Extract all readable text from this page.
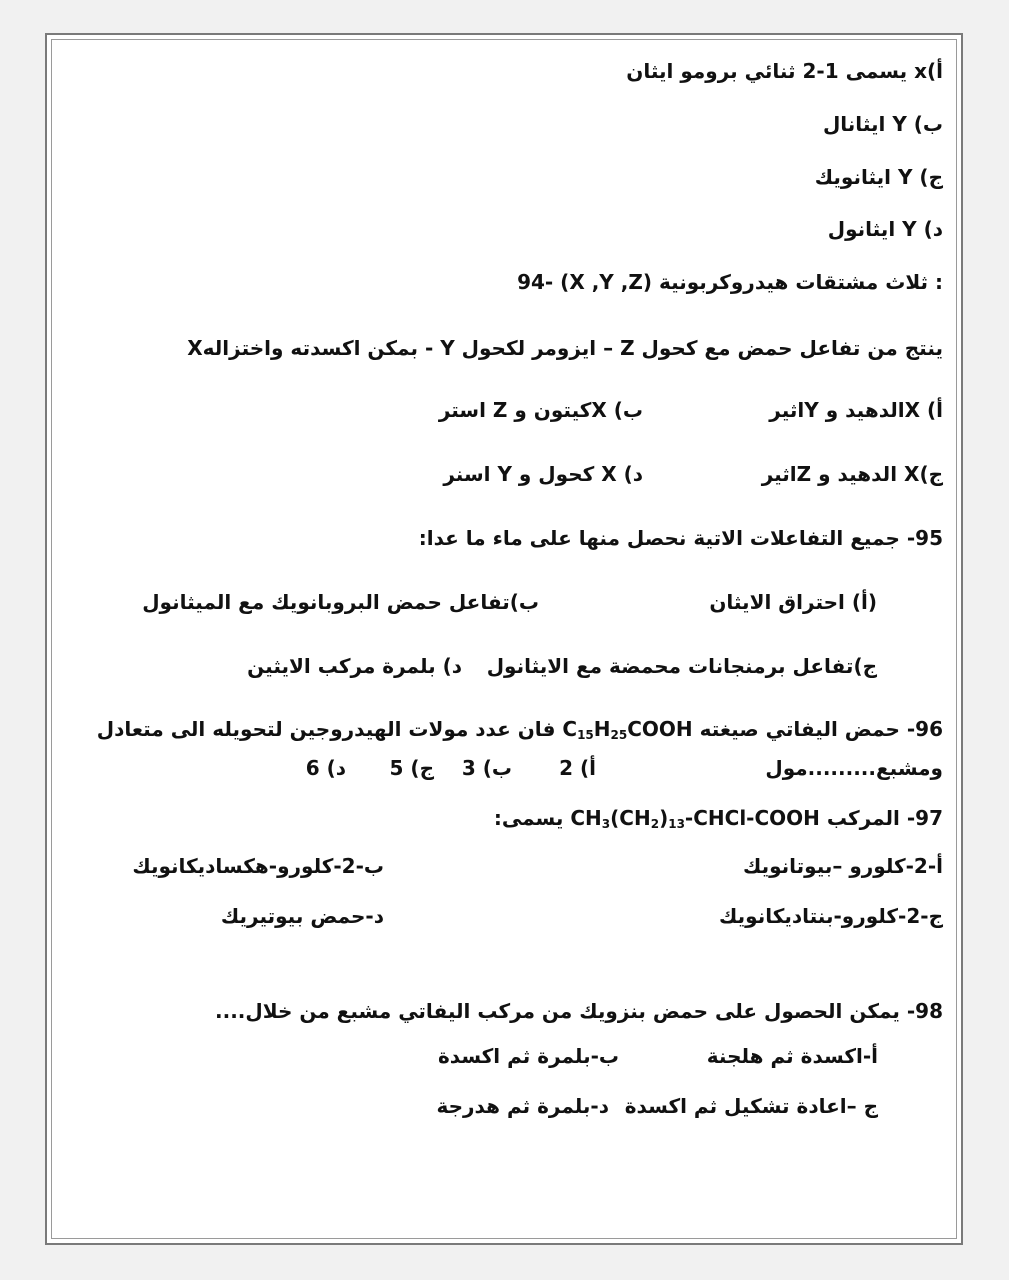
أ)x يسمى 1-2 ثنائي برومو ايثان
ب) Y ايثانال
ج) Y ايثانويك
د) Y ايثانول
94- (X ,Y ,Z) ثلاث مشتقات هيدروكربونية :
Xبمكن اكسدته واختزاله - Y ايزومر لكحول – Z ينتج من تفاعل حمض مع كحول
أ) Xالدهيد و Yاثير
ب) Xكيتون و Z استر
ج)X الدهيد و Zاثير
د) X كحول و Y اسنر
95- جميع التفاعلات الاتية نحصل منها على ماء ما عدا:
(أ) احتراق الايثان
ب)تفاعل حمض البروبانويك مع الميثانول
ج)تفاعل برمنجانات محمضة مع الايثانول
د) بلمرة مركب الايثين
96- حمض اليفاتي صيغته $C_{15}H_{25}COOH$ فان عدد مولات الهيدروجين لتحويله الى متعادل
ومشبع.........مول
أ) 2
ب) 3
ج) 5
د) 6
97- المركب $CH_3(CH_2)_{13}-CHCl$-COOH يسمى:
أ-2-كلورو –بيوتانويك
ب-2-كلورو-هكساديكانويك
ج-2-كلورو-بنتاديكانويك
د-حمض بيوتيريك
98- يمكن الحصول على حمض بنزويك من مركب اليفاتي مشبع من خلال....
أ-اكسدة ثم هلجنة
ب-بلمرة ثم اكسدة
ج –اعادة تشكيل ثم اكسدة
د-بلمرة ثم هدرجة
